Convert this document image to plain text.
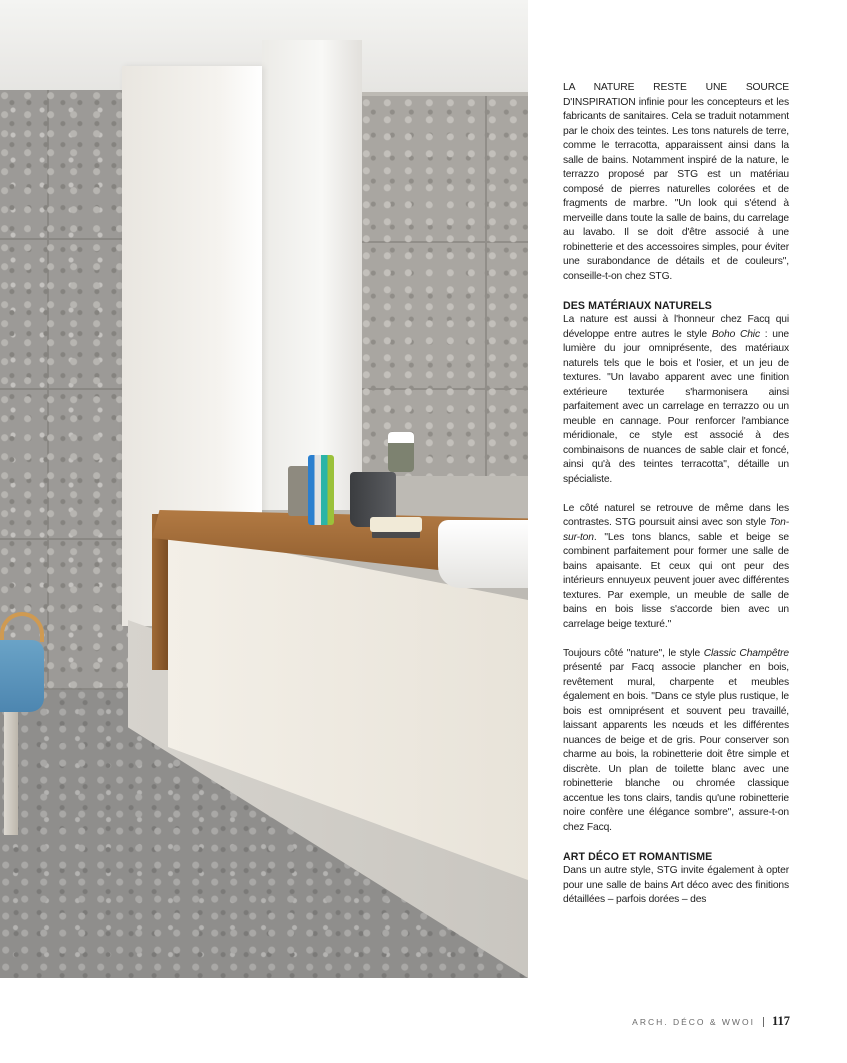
LA NATURE RESTE UNE SOURCE D'INSPIRATION infinie pour les concepteurs et les fabricants de sanitaires. Cela se traduit notamment par le choix des teintes. Les tons naturels de terre, comme le terracotta, apparaissent ainsi dans la salle de bains. Notamment inspiré de la nature, le terrazzo proposé par STG est un matériau composé de pierres naturelles colorées et de fragments de marbre. "Un look qui s'étend à merveille dans toute la salle de bains, du carrelage au lavabo. Il se doit d'être associé à une robinetterie et des accessoires simples, pour éviter une surabondance de détails et de couleurs", conseille-t-on chez STG.

DES MATÉRIAUX NATURELS

La nature est aussi à l'honneur chez Facq qui développe entre autres le style Boho Chic : une lumière du jour omniprésente, des matériaux naturels tels que le bois et l'osier, et un jeu de textures. "Un lavabo apparent avec une finition extérieure texturée s'harmonisera ainsi parfaitement avec un carrelage en terrazzo ou un meuble en cannage. Pour renforcer l'ambiance méridionale, ce style est associé à des combinaisons de nuances de sable clair et foncé, ainsi qu'à des teintes terracotta", détaille un spécialiste.

Le côté naturel se retrouve de même dans les contrastes. STG poursuit ainsi avec son style Ton-sur-ton. "Les tons blancs, sable et beige se combinent parfaitement pour former une salle de bains apaisante. Et ceux qui ont peur des intérieurs ennuyeux peuvent jouer avec différentes textures. Par exemple, un meuble de salle de bains en bois lisse s'accorde bien avec un carrelage beige texturé."

Toujours côté "nature", le style Classic Champêtre présenté par Facq associe plancher en bois, revêtement mural, charpente et meubles également en bois. "Dans ce style plus rustique, le bois est omniprésent et souvent peu travaillé, laissant apparents les nœuds et les différentes nuances de beige et de gris. Pour conserver son charme au bois, la robinetterie doit être simple et discrète. Un plan de toilette blanc avec une robinetterie blanche ou chromée classique accentue les tons clairs, tandis qu'une robinetterie noire confère une élégance sombre", assure-t-on chez Facq.

ART DÉCO ET ROMANTISME

Dans un autre style, STG invite également à opter pour une salle de bains Art déco avec des finitions détaillées – parfois dorées – des

ARCH. DÉCO & WWOI 117
